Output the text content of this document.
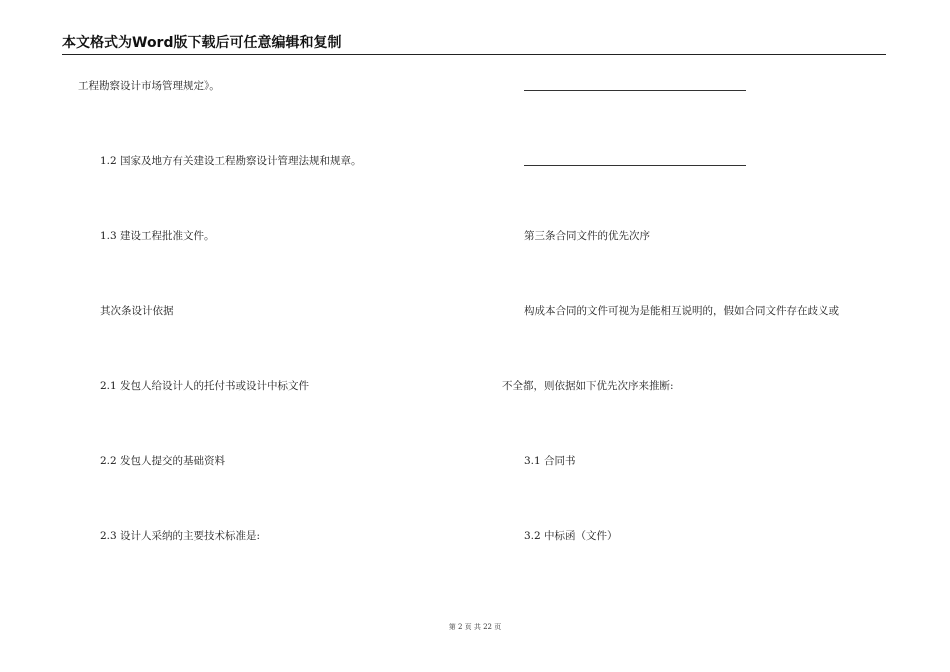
本文格式为Word版下载后可任意编辑和复制
工程勘察设计市场管理规定》。
1.2 国家及地方有关建设工程勘察设计管理法规和规章。
1.3 建设工程批准文件。
其次条设计依据
2.1 发包人给设计人的托付书或设计中标文件
2.2 发包人提交的基础资料
2.3 设计人采纳的主要技术标准是:
第三条合同文件的优先次序
构成本合同的文件可视为是能相互说明的，假如合同文件存在歧义或
不全都，则依据如下优先次序来推断:
3.1 合同书
3.2 中标函（文件）
第 2 页 共 22 页
